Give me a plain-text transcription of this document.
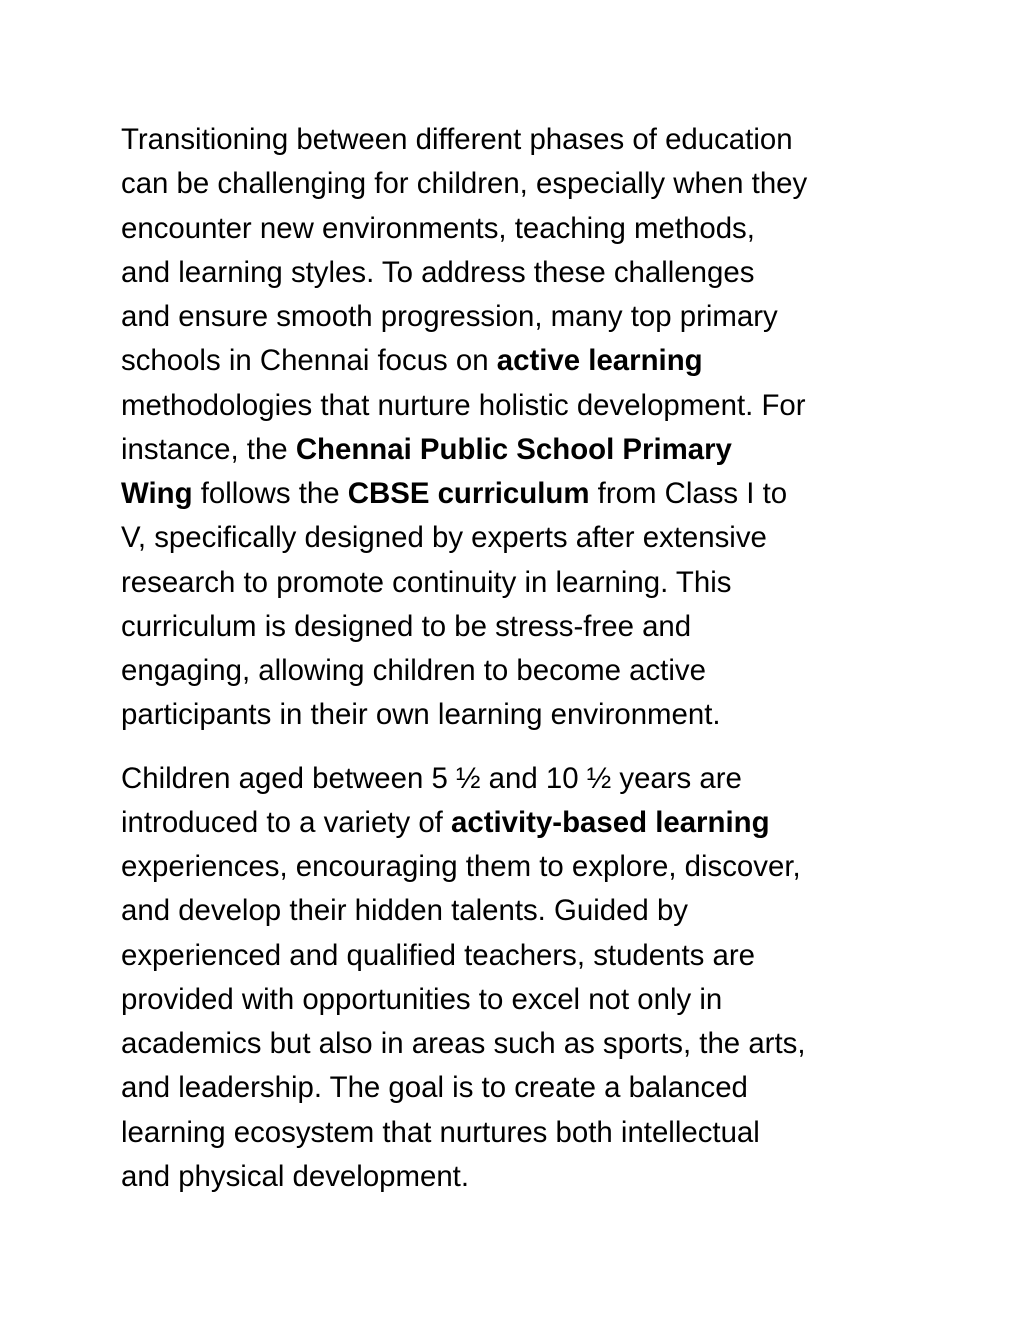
Transitioning between different phases of education
can be challenging for children, especially when they
encounter new environments, teaching methods,
and learning styles. To address these challenges
and ensure smooth progression, many top primary
schools in Chennai focus on active learning
methodologies that nurture holistic development. For
instance, the Chennai Public School Primary
Wing follows the CBSE curriculum from Class I to
V, specifically designed by experts after extensive
research to promote continuity in learning. This
curriculum is designed to be stress-free and
engaging, allowing children to become active
participants in their own learning environment.

Children aged between 5 ½ and 10 ½ years are
introduced to a variety of activity-based learning
experiences, encouraging them to explore, discover,
and develop their hidden talents. Guided by
experienced and qualified teachers, students are
provided with opportunities to excel not only in
academics but also in areas such as sports, the arts,
and leadership. The goal is to create a balanced
learning ecosystem that nurtures both intellectual
and physical development.
